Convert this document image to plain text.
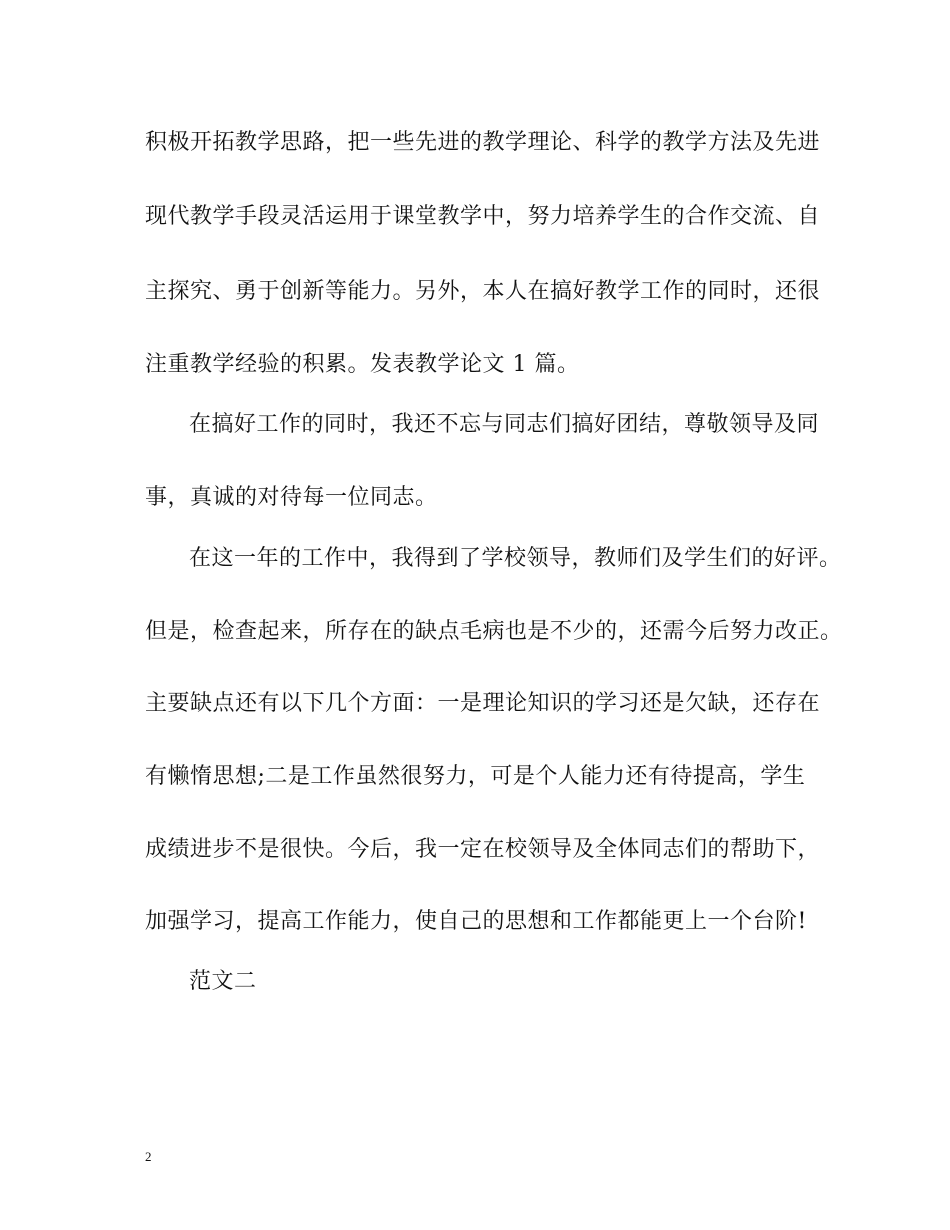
积极开拓教学思路，把一些先进的教学理论、科学的教学方法及先进
现代教学手段灵活运用于课堂教学中，努力培养学生的合作交流、自
主探究、勇于创新等能力。另外，本人在搞好教学工作的同时，还很
注重教学经验的积累。发表教学论文 1 篇。
在搞好工作的同时，我还不忘与同志们搞好团结，尊敬领导及同
事，真诚的对待每一位同志。
在这一年的工作中，我得到了学校领导，教师们及学生们的好评。
但是，检查起来，所存在的缺点毛病也是不少的，还需今后努力改正。
主要缺点还有以下几个方面：一是理论知识的学习还是欠缺，还存在
有懒惰思想;二是工作虽然很努力，可是个人能力还有待提高，学生
成绩进步不是很快。今后，我一定在校领导及全体同志们的帮助下，
加强学习，提高工作能力，使自己的思想和工作都能更上一个台阶!
范文二
2
